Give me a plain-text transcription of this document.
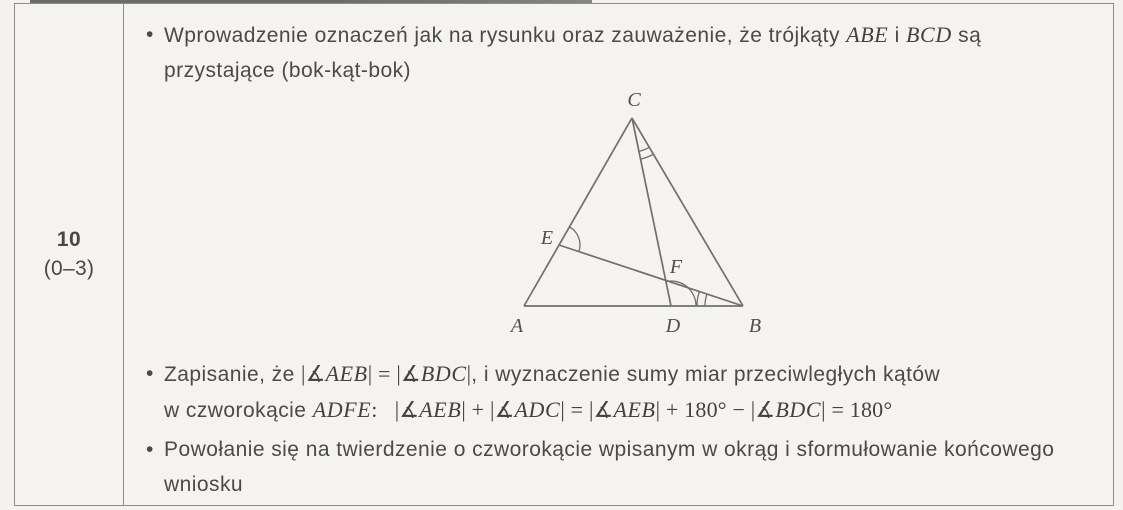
10
(0–3)
• Wprowadzenie oznaczeń jak na rysunku oraz zauważenie, że trójkąty ABE i BCD są
przystające (bok-kąt-bok)
A	B
C
D
E
F
• Zapisanie, że |∡AEB| = |∡BDC|, i wyznaczenie sumy miar przeciwległych kątów
w czworokącie ADFE:   |∡AEB| + |∡ADC| = |∡AEB| + 180° − |∡BDC| = 180°
• Powołanie się na twierdzenie o czworokącie wpisanym w okrąg i sformułowanie końcowego
wniosku
